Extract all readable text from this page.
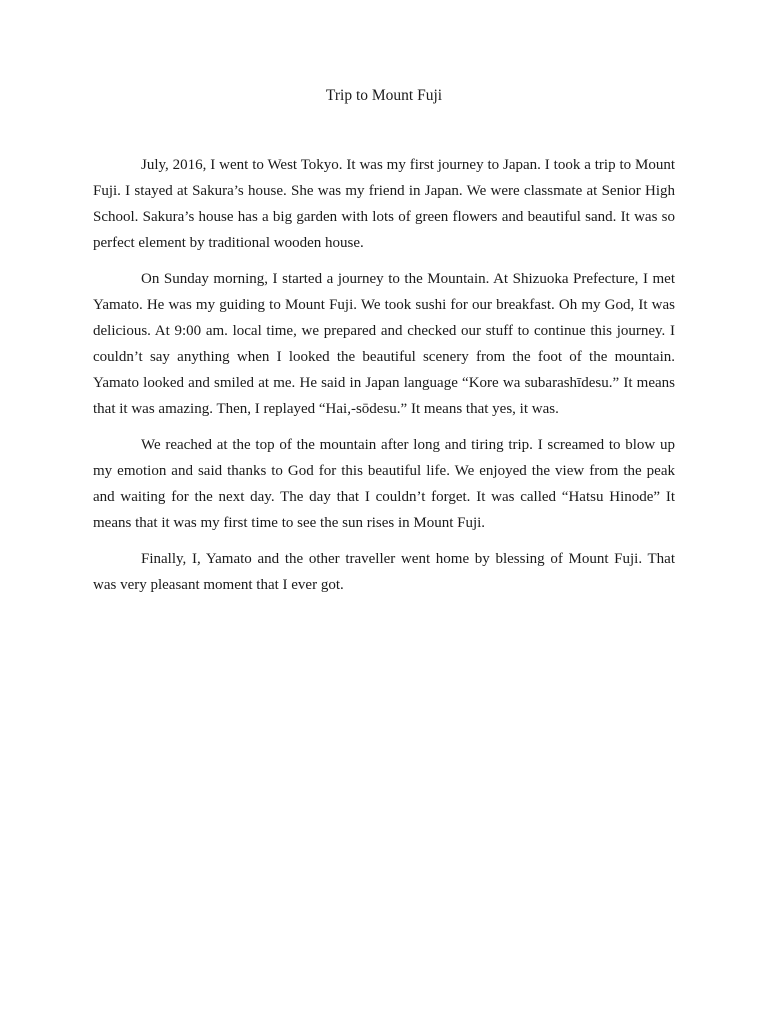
Trip to Mount Fuji

July, 2016, I went to West Tokyo. It was my first journey to Japan. I took a trip to Mount Fuji. I stayed at Sakura’s house. She was my friend in Japan. We were classmate at Senior High School. Sakura’s house has a big garden with lots of green flowers and beautiful sand. It was so perfect element by traditional wooden house.

On Sunday morning, I started a journey to the Mountain. At Shizuoka Prefecture, I met Yamato. He was my guiding to Mount Fuji. We took sushi for our breakfast. Oh my God, It was delicious. At 9:00 am. local time, we prepared and checked our stuff to continue this journey. I couldn’t say anything when I looked the beautiful scenery from the foot of the mountain. Yamato looked and smiled at me. He said in Japan language “Kore wa subarashīdesu.” It means that it was amazing. Then, I replayed “Hai,-sōdesu.” It means that yes, it was.

We reached at the top of the mountain after long and tiring trip. I screamed to blow up my emotion and said thanks to God for this beautiful life. We enjoyed the view from the peak and waiting for the next day. The day that I couldn’t forget. It was called “Hatsu Hinode” It means that it was my first time to see the sun rises in Mount Fuji.

Finally, I, Yamato and the other traveller went home by blessing of Mount Fuji. That was very pleasant moment that I ever got.
